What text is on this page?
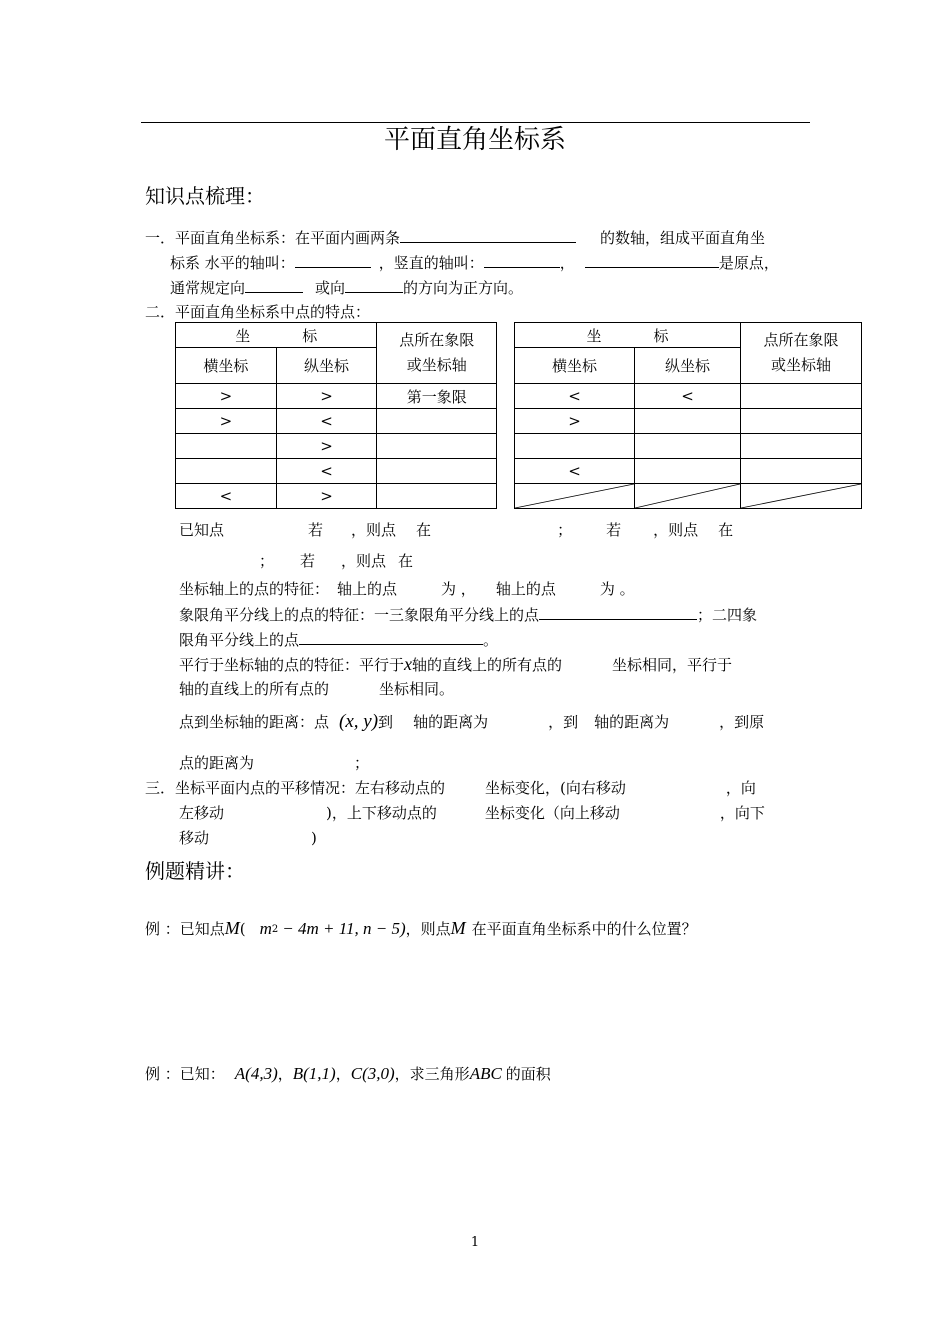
平面直角坐标系
知识点梳理：
一．平面直角坐标系：在平面内画两条	的数轴，组成平面直角坐
标系 水平的轴叫：	，竖直的轴叫：	，	是原点，
通常规定向	或向	的方向为正方向。
二．平面直角坐标系中点的特点：
坐 标		点所在象限
或坐标轴
横坐标	纵坐标	
>	>	第一象限
>	<	
	>	
	<	
<	>	
坐 标		点所在象限
或坐标轴
横坐标	纵坐标	
<	<	
>		

<		

已知点	若 ，则点 在	； 若 ，则点 在
； 若 ，则点 在
坐标轴上的点的特征： 轴上的点	为 ， 轴上的点	为 。
象限角平分线上的点的特征：一三象限角平分线上的点	；二四象
限角平分线上的点	。
平行于坐标轴的点的特征：平行于x轴的直线上的所有点的	坐标相同，平行于
轴的直线上的所有点的	坐标相同。
点到坐标轴的距离：点 (x, y)到 轴的距离为	，到 轴的距离为	，到原
点的距离为	；
三．坐标平面内点的平移情况：左右移动点的	坐标变化，(向右移动	，向
左移动	)，上下移动点的	坐标变化（向上移动	，向下
移动	)
例题精讲：
例 ：已知点M( m2 − 4m + 11, n − 5)，则点M 在平面直角坐标系中的什么位置？
例 ：已知： A(4,3)，B(1,1)，C(3,0)，求三角形ABC 的面积
1
